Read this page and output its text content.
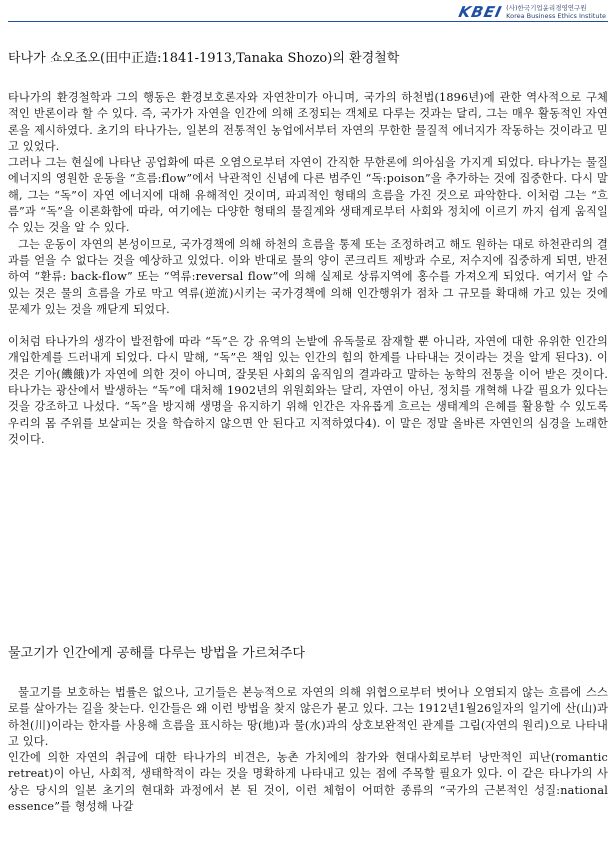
KBEI (사)한국기업윤리경영연구원
Korea Business Ethics Institute
타나가 쇼오조오(田中正造:1841-1913,Tanaka Shozo)의 환경철학

타나가의 환경철학과 그의 행동은 환경보호론자와 자연찬미가 아니며, 국가의 하천법(1896년)에 관한 역사적으로 구체적인 반론이라 할 수 있다. 즉, 국가가 자연을 인간에 의해 조정되는 객체로 다루는 것과는 달리, 그는 매우 활동적인 자연론을 제시하였다. 초기의 타나가는, 일본의 전통적인 농업에서부터 자연의 무한한 물질적 에너지가 작동하는 것이라고 믿고 있었다.

그러나 그는 현실에 나타난 공업화에 따른 오염으로부터 자연이 간직한 무한론에 의아심을 가지게 되었다. 타나가는 물질 에너지의 영원한 운동을 “흐름:flow”에서 낙관적인 신념에 다른 범주인 “독:poison”을 추가하는 것에 집중한다. 다시 말해, 그는 “독”이 자연 에너지에 대해 유해적인 것이며, 파괴적인 형태의 흐름을 가진 것으로 파악한다. 이처럼 그는 “흐름”과 “독”을 이론화함에 따라, 여기에는 다양한 형태의 물질계와 생태계로부터 사회와 정치에 이르기 까지 쉽게 움직일 수 있는 것을 알 수 있다.

그는 운동이 자연의 본성이므로, 국가경책에 의해 하천의 흐름을 통제 또는 조정하려고 해도 원하는 대로 하천관리의 결과를 얻을 수 없다는 것을 예상하고 있었다. 이와 반대로 물의 양이 콘크리트 제방과 수로, 저수지에 집중하게 되면, 반전하여 “환류: back-flow” 또는 “역류:reversal flow”에 의해 실제로 상류지역에 홍수를 가져오게 되었다. 여기서 알 수 있는 것은 물의 흐름을 가로 막고 역류(逆流)시키는 국가경책에 의해 인간행위가 점차 그 규모를 확대해 가고 있는 것에 문제가 있는 것을 깨닫게 되었다.

이처럼 타나가의 생각이 발전함에 따라 “독”은 강 유역의 논밭에 유독물로 잠재할 뿐 아니라, 자연에 대한 유위한 인간의 개입한계를 드러내게 되었다. 다시 말해, “독”은 책임 있는 인간의 힘의 한계를 나타내는 것이라는 것을 알게 된다3). 이것은 기아(饑餓)가 자연에 의한 것이 아니며, 잘못된 사회의 움직임의 결과라고 말하는 농학의 전통을 이어 받은 것이다. 타나가는 광산에서 발생하는 “독”에 대처해 1902년의 위원회와는 달리, 자연이 아닌, 정치를 개혁해 나갈 필요가 있다는 것을 강조하고 나섰다. “독”을 방지해 생명을 유지하기 위해 인간은 자유롭게 흐르는 생태계의 은혜를 활용할 수 있도록 우리의 몸 주위를 보살피는 것을 학습하지 않으면 안 된다고 지적하였다4). 이 말은 정말 올바른 자연인의 심경을 노래한 것이다.

물고기가 인간에게 공해를 다루는 방법을 가르쳐주다

물고기를 보호하는 법률은 없으나, 고기들은 본능적으로 자연의 의해 위협으로부터 벗어나 오염되지 않는 흐름에 스스로를 살아가는 길을 찾는다. 인간들은 왜 이런 방법을 찾지 않은가 묻고 있다. 그는 1912년1월26일자의 일기에 산(山)과 하천(川)이라는 한자를 사용해 흐름을 표시하는 땅(地)과 물(水)과의 상호보완적인 관계를 그림(자연의 원리)으로 나타내고 있다.

인간에 의한 자연의 취급에 대한 타나가의 비견은, 농촌 가치에의 참가와 현대사회로부터 낭만적인 피난(romantic retreat)이 아닌, 사회적, 생태학적이 라는 것을 명확하게 나타내고 있는 점에 주목할 필요가 있다. 이 같은 타나가의 사상은 당시의 일본 초기의 현대화 과정에서 본 된 것이, 이런 체험이 어떠한 종류의 “국가의 근본적인 성질:national essence”를 형성해 나갈
